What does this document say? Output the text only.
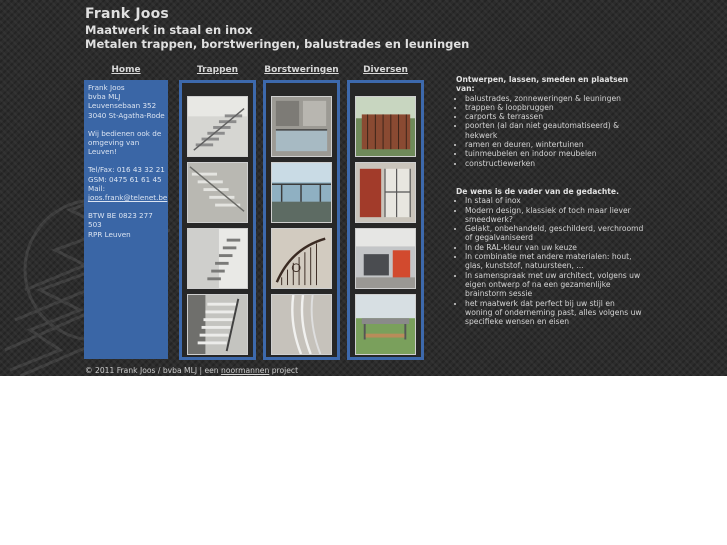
Frank Joos
Maatwerk in staal en inox
Metalen trappen, borstweringen, balustrades en leuningen
Home	Trappen	Borstweringen	Diversen
Frank Joos
bvba MLJ
Leuvensebaan 352
3040 St-Agatha-Rode
Wij bedienen ook de omgeving van Leuven!
Tel/Fax: 016 43 32 21
GSM: 0475 61 61 45
Mail:
joos.frank@telenet.be
BTW BE 0823 277 503
RPR Leuven
Ontwerpen, lassen, smeden en plaatsen van:
• balustrades, zonneweringen & leuningen
• trappen & loopbruggen
• carports & terrassen
• poorten (al dan niet geautomatiseerd) & hekwerk
• ramen en deuren, wintertuinen
• tuinmeubelen en indoor meubelen
• constructiewerken
De wens is de vader van de gedachte.
• In staal of inox
• Modern design, klassiek of toch maar liever smeedwerk?
• Gelakt, onbehandeld, geschilderd, verchroomd of gegalvaniseerd
• In de RAL-kleur van uw keuze
• In combinatie met andere materialen: hout, glas, kunststof, natuursteen, ...
• In samenspraak met uw architect, volgens uw eigen ontwerp of na een gezamenlijke brainstorm sessie
• het maatwerk dat perfect bij uw stijl en woning of onderneming past, alles volgens uw specifieke wensen en eisen
© 2011 Frank Joos / bvba MLJ | een noormannen project
